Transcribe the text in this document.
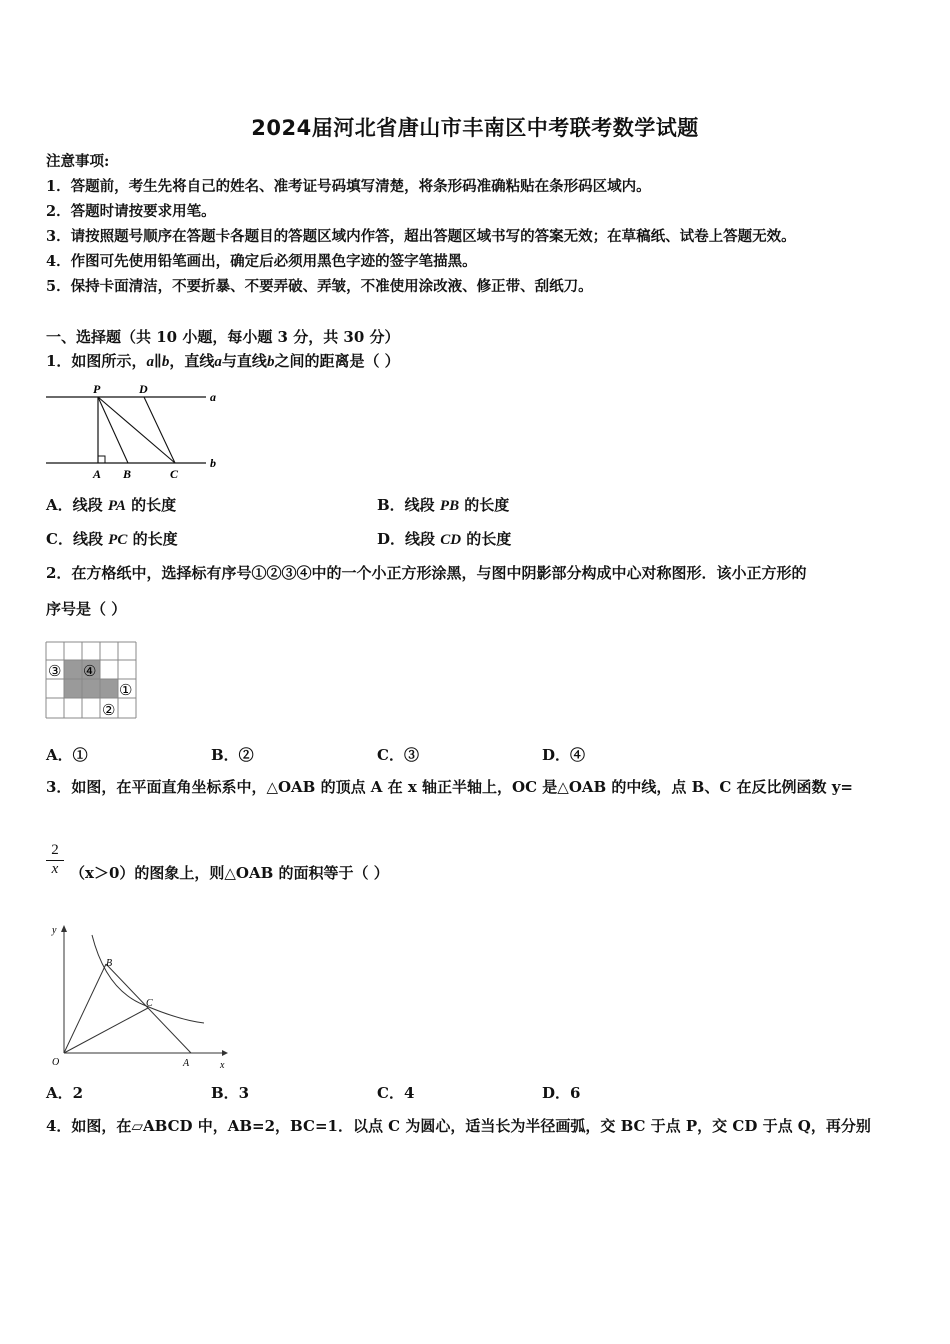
2024届河北省唐山市丰南区中考联考数学试题
注意事项:
1．答题前，考生先将自己的姓名、准考证号码填写清楚，将条形码准确粘贴在条形码区域内。
2．答题时请按要求用笔。
3．请按照题号顺序在答题卡各题目的答题区域内作答，超出答题区域书写的答案无效；在草稿纸、试卷上答题无效。
4．作图可先使用铅笔画出，确定后必须用黑色字迹的签字笔描黑。
5．保持卡面清洁，不要折暴、不要弄破、弄皱，不准使用涂改液、修正带、刮纸刀。
一、选择题（共 10 小题，每小题 3 分，共 30 分）
1．如图所示，a∥b，直线a与直线b之间的距离是（ ）
P	D
A B	C
a
b
A．线段 PA 的长度	B．线段 PB 的长度
C．线段 PC 的长度	D．线段 CD 的长度
2．在方格纸中，选择标有序号①②③④中的一个小正方形涂黑，与图中阴影部分构成中心对称图形．该小正方形的
序号是（ ）
③ ④
①
②
A．①	B．②	C．③	D．④
3．如图，在平面直角坐标系中，△OAB 的顶点 A 在 x 轴正半轴上，OC 是△OAB 的中线，点 B、C 在反比例函数 y=
$\frac{2}{x} (x>0)$的图象上，则△OAB 的面积等于（ ）
y
x
O	A
B
C
A．2	B．3	C．4	D．6
4．如图，在▱ABCD 中，AB=2，BC=1．以点 C 为圆心，适当长为半径画弧，交 BC 于点 P，交 CD 于点 Q，再分别
